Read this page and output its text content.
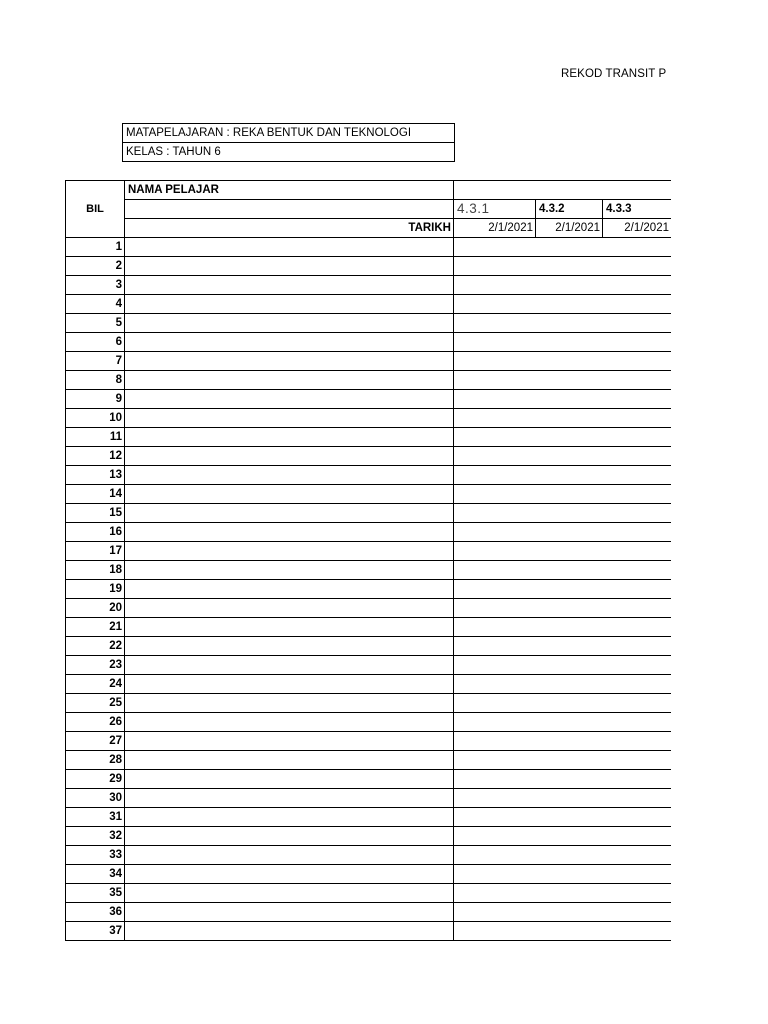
REKOD TRANSIT P
MATAPELAJARAN : REKA BENTUK DAN TEKNOLOGI
KELAS : TAHUN 6
BIL
NAMA PELAJAR
4.3.1	4.3.2	4.3.3
TARIKH	2/1/2021	2/1/2021	2/1/2021
1
2
3
4
5
6
7
8
9
10
11
12
13
14
15
16
17
18
19
20
21
22
23
24
25
26
27
28
29
30
31
32
33
34
35
36
37
